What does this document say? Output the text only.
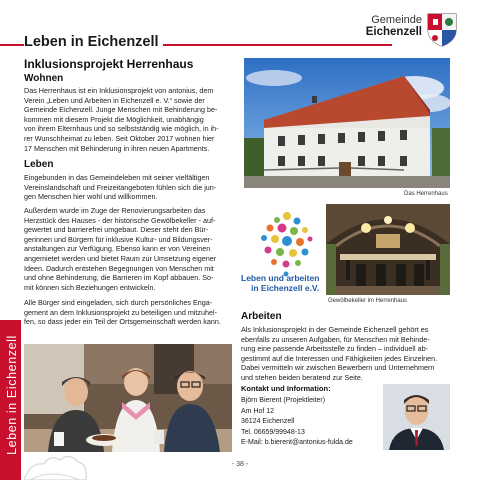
Leben in Eichenzell
Gemeinde
Eichenzell
Leben in Eichenzell
Inklusionsprojekt Herrenhaus
Wohnen
Das Herrenhaus ist ein Inklusionsprojekt von antonius, dem
Verein „Leben und Arbeiten in Eichenzell e. V.“ sowie der
Gemeinde Eichenzell. Junge Menschen mit Behinderung be-
kommen mit diesem Projekt die Möglichkeit, unabhängig
von ihrem Elternhaus und so selbstständig wie möglich, in ih-
rer Wunschheimat zu leben. Seit Oktober 2017 wohnen hier
17 Menschen mit Behinderung in ihren neuen Apartments.
Leben
Eingebunden in das Gemeindeleben mit seiner vielfältigen
Vereinslandschaft und Freizeitangeboten fühlen sich die jun-
gen Menschen hier wohl und willkommen.
Außerdem wurde im Zuge der Renovierungsarbeiten das
Herzstück des Hauses - der historische Gewölbekeller - auf-
gewertet und barrierefrei umgebaut. Dieser steht den Bür-
gerinnen und Bürgern für inklusive Kultur- und Bildungsver-
anstaltungen zur Verfügung. Ebenso kann er von Vereinen
angemietet werden und bietet Raum zur Umsetzung eigener
Ideen. Dadurch entstehen Begegnungen von Menschen mit
und ohne Behinderung, die Barrieren im Kopf abbauen. So-
mit können sich Beziehungen entwickeln.
Alle Bürger sind eingeladen, sich durch persönliches Enga-
gement an dem Inklusionsprojekt zu beteiligen und mitzuhel-
fen, so dass jeder ein Teil der Ortsgemeinschaft werden kann.
Das Herrenhaus
Leben und arbeiten
in Eichenzell e.V.
Gewölbekeller im Herrenhaus
Arbeiten
Als Inklusionsprojekt in der Gemeinde Eichenzell gehört es
ebenfalls zu unseren Aufgaben, für Menschen mit Behinde-
rung eine passende Arbeitsstelle zu finden – individuell ab-
gestimmt auf die Interessen und Fähigkeiten jedes Einzelnen.
Dabei vermitteln wir zwischen Bewerbern und Unternehmern
und stehen beiden beratend zur Seite.
Kontakt und Information:
Björn Bierent (Projektleiter)
Am Hof 12
36124 Eichenzell
Tel. 06659/99948-13
E-Mail: b.bierent@antonius-fulda.de
- 38 -
